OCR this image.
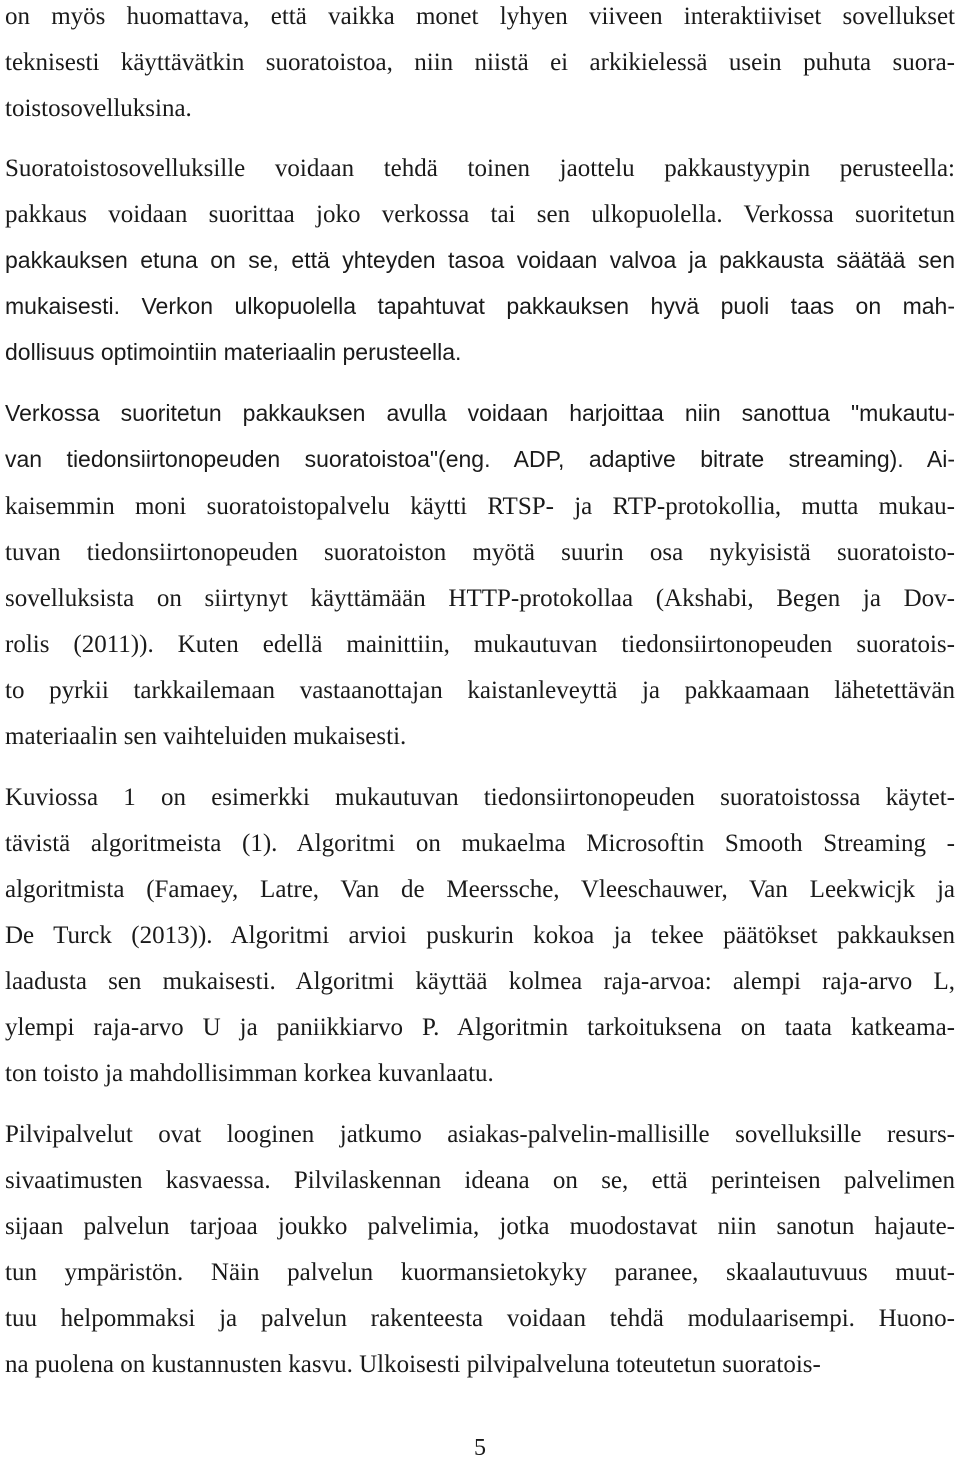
on myös huomattava, että vaikka monet lyhyen viiveen interaktiiviset sovellukset
teknisesti käyttävätkin suoratoistoa, niin niistä ei arkikielessä usein puhuta suora-
toistosovelluksina.
Suoratoistosovelluksille voidaan tehdä toinen jaottelu pakkaustyypin perusteella:
pakkaus voidaan suorittaa joko verkossa tai sen ulkopuolella. Verkossa suoritetun
pakkauksen etuna on se, että yhteyden tasoa voidaan valvoa ja pakkausta säätää sen
mukaisesti. Verkon ulkopuolella tapahtuvat pakkauksen hyvä puoli taas on mah-
dollisuus optimointiin materiaalin perusteella.
Verkossa suoritetun pakkauksen avulla voidaan harjoittaa niin sanottua "mukautu-
van tiedonsiirtonopeuden suoratoistoa"(eng. ADP, adaptive bitrate streaming). Ai-
kaisemmin moni suoratoistopalvelu käytti RTSP- ja RTP-protokollia, mutta mukau-
tuvan tiedonsiirtonopeuden suoratoiston myötä suurin osa nykyisistä suoratoisto-
sovelluksista on siirtynyt käyttämään HTTP-protokollaa (Akshabi, Begen ja Dov-
rolis (2011)). Kuten edellä mainittiin, mukautuvan tiedonsiirtonopeuden suoratois-
to pyrkii tarkkailemaan vastaanottajan kaistanleveyttä ja pakkaamaan lähetettävän
materiaalin sen vaihteluiden mukaisesti.
Kuviossa 1 on esimerkki mukautuvan tiedonsiirtonopeuden suoratoistossa käytet-
tävistä algoritmeista (1). Algoritmi on mukaelma Microsoftin Smooth Streaming -
algoritmista (Famaey, Latre, Van de Meerssche, Vleeschauwer, Van Leekwicjk ja
De Turck (2013)). Algoritmi arvioi puskurin kokoa ja tekee päätökset pakkauksen
laadusta sen mukaisesti. Algoritmi käyttää kolmea raja-arvoa: alempi raja-arvo L,
ylempi raja-arvo U ja paniikkiarvo P. Algoritmin tarkoituksena on taata katkeama-
ton toisto ja mahdollisimman korkea kuvanlaatu.
Pilvipalvelut ovat looginen jatkumo asiakas-palvelin-mallisille sovelluksille resurs-
sivaatimusten kasvaessa. Pilvilaskennan ideana on se, että perinteisen palvelimen
sijaan palvelun tarjoaa joukko palvelimia, jotka muodostavat niin sanotun hajaute-
tun ympäristön. Näin palvelun kuormansietokyky paranee, skaalautuvuus muut-
tuu helpommaksi ja palvelun rakenteesta voidaan tehdä modulaarisempi. Huono-
na puolena on kustannusten kasvu. Ulkoisesti pilvipalveluna toteutetun suoratois-
5
